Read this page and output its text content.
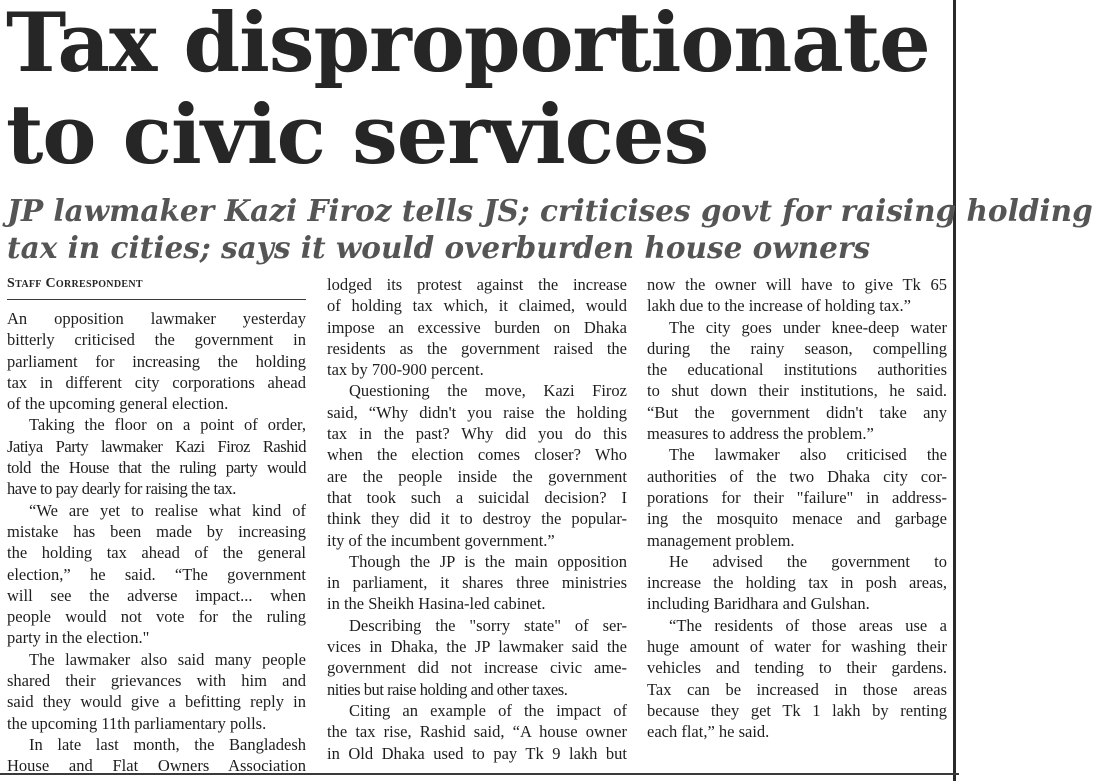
Tax disproportionate
to civic services
JP lawmaker Kazi Firoz tells JS; criticises govt for raising holding
tax in cities; says it would overburden house owners
Staff Correspondent

An opposition lawmaker yesterday

bitterly criticised the government in

parliament for increasing the holding

tax in different city corporations ahead

of the upcoming general election.

Taking the floor on a point of order,

Jatiya Party lawmaker Kazi Firoz Rashid

told the House that the ruling party would

have to pay dearly for raising the tax.

“We are yet to realise what kind of

mistake has been made by increasing

the holding tax ahead of the general

election,” he said. “The government

will see the adverse impact... when

people would not vote for the ruling

party in the election."

The lawmaker also said many people

shared their grievances with him and

said they would give a befitting reply in

the upcoming 11th parliamentary polls.

In late last month, the Bangladesh

House and Flat Owners Association

lodged its protest against the increase

of holding tax which, it claimed, would

impose an excessive burden on Dhaka

residents as the government raised the

tax by 700-900 percent.

Questioning the move, Kazi Firoz

said, “Why didn't you raise the holding

tax in the past? Why did you do this

when the election comes closer? Who

are the people inside the government

that took such a suicidal decision? I

think they did it to destroy the popular-

ity of the incumbent government.”

Though the JP is the main opposition

in parliament, it shares three ministries

in the Sheikh Hasina-led cabinet.

Describing the "sorry state" of ser-

vices in Dhaka, the JP lawmaker said the

government did not increase civic ame-

nities but raise holding and other taxes.

Citing an example of the impact of

the tax rise, Rashid said, “A house owner

in Old Dhaka used to pay Tk 9 lakh but

now the owner will have to give Tk 65

lakh due to the increase of holding tax.”

The city goes under knee-deep water

during the rainy season, compelling

the educational institutions authorities

to shut down their institutions, he said.

“But the government didn't take any

measures to address the problem.”

The lawmaker also criticised the

authorities of the two Dhaka city cor-

porations for their "failure" in address-

ing the mosquito menace and garbage

management problem.

He advised the government to

increase the holding tax in posh areas,

including Baridhara and Gulshan.

“The residents of those areas use a

huge amount of water for washing their

vehicles and tending to their gardens.

Tax can be increased in those areas

because they get Tk 1 lakh by renting

each flat,” he said.
